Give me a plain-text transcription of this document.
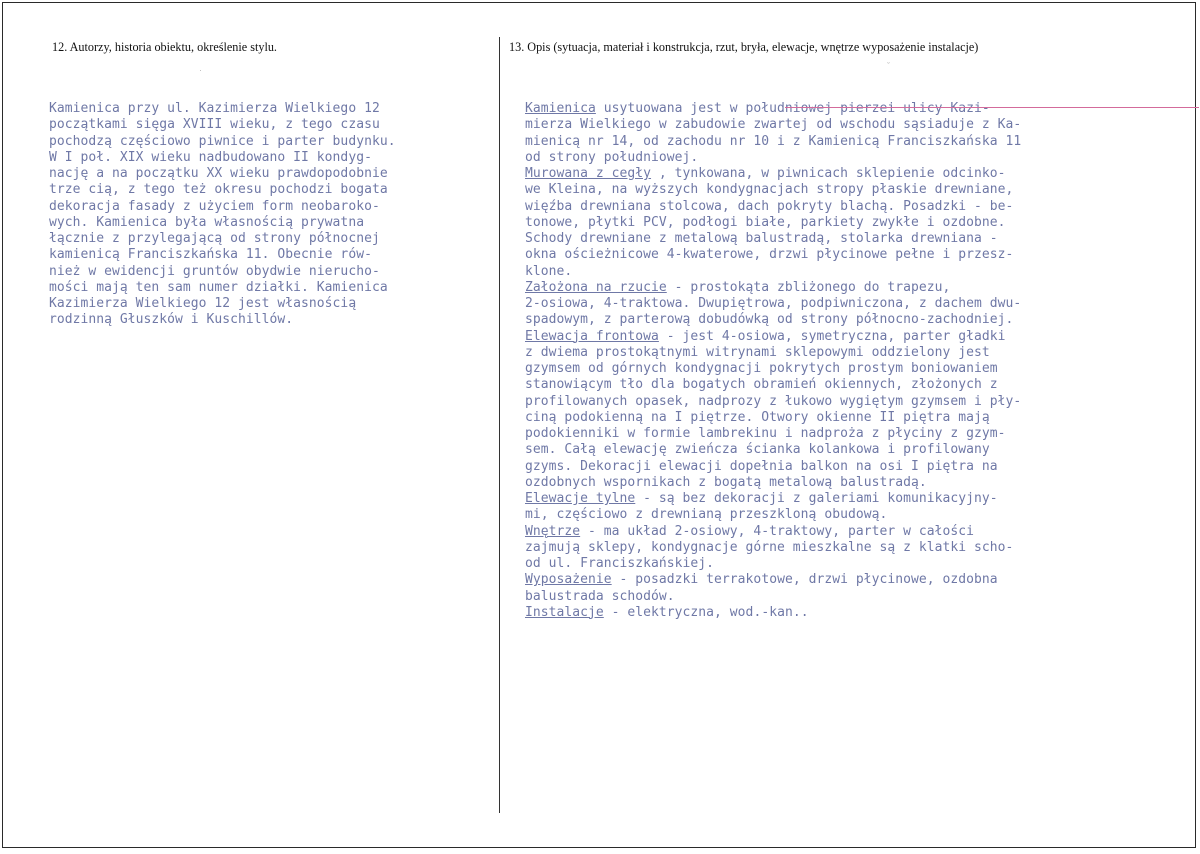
12. Autorzy, historia obiektu, określenie stylu.	13. Opis (sytuacja, materiał i konstrukcja, rzut, bryła, elewacje, wnętrze wyposażenie instalacje)
·	ˇ
Kamienica przy ul. Kazimierza Wielkiego 12
początkami sięga XVIII wieku, z tego czasu
pochodzą częściowo piwnice i parter budynku.
W I poł. XIX wieku nadbudowano II kondyg-
nację a na początku XX wieku prawdopodobnie
trze cią, z tego też okresu pochodzi bogata
dekoracja fasady z użyciem form neobaroko-
wych. Kamienica była własnością prywatna
łącznie z przylegającą od strony północnej
kamienicą Franciszkańska 11. Obecnie rów-
nież w ewidencji gruntów obydwie nierucho-
mości mają ten sam numer działki. Kamienica
Kazimierza Wielkiego 12 jest własnością
rodzinną Głuszków i Kuschillów.
Kamienica usytuowana jest w południowej pierzei ulicy Kazi-
mierza Wielkiego w zabudowie zwartej od wschodu sąsiaduje z Ka-
mienicą nr 14, od zachodu nr 10 i z Kamienicą Franciszkańska 11
od strony południowej.
Murowana z cegły , tynkowana, w piwnicach sklepienie odcinko-
we Kleina, na wyższych kondygnacjach stropy płaskie drewniane,
więźba drewniana stolcowa, dach pokryty blachą. Posadzki - be-
tonowe, płytki PCV, podłogi białe, parkiety zwykłe i ozdobne.
Schody drewniane z metalową balustradą, stolarka drewniana -
okna ościeżnicowe 4-kwaterowe, drzwi płycinowe pełne i przesz-
klone.
Założona na rzucie - prostokąta zbliżonego do trapezu,
2-osiowa, 4-traktowa. Dwupiętrowa, podpiwniczona, z dachem dwu-
spadowym, z parterową dobudówką od strony północno-zachodniej.
Elewacja frontowa - jest 4-osiowa, symetryczna, parter gładki
z dwiema prostokątnymi witrynami sklepowymi oddzielony jest
gzymsem od górnych kondygnacji pokrytych prostym boniowaniem
stanowiącym tło dla bogatych obramień okiennych, złożonych z
profilowanych opasek, nadprozy z łukowo wygiętym gzymsem i pły-
ciną podokienną na I piętrze. Otwory okienne II piętra mają
podokienniki w formie lambrekinu i nadproża z płyciny z gzym-
sem. Całą elewację zwieńcza ścianka kolankowa i profilowany
gzyms. Dekoracji elewacji dopełnia balkon na osi I piętra na
ozdobnych wspornikach z bogatą metalową balustradą.
Elewacje tylne - są bez dekoracji z galeriami komunikacyjny-
mi, częściowo z drewnianą przeszkloną obudową.
Wnętrze - ma układ 2-osiowy, 4-traktowy, parter w całości
zajmują sklepy, kondygnacje górne mieszkalne są z klatki scho-
od ul. Franciszkańskiej.
Wyposażenie - posadzki terrakotowe, drzwi płycinowe, ozdobna
balustrada schodów.
Instalacje - elektryczna, wod.-kan..
